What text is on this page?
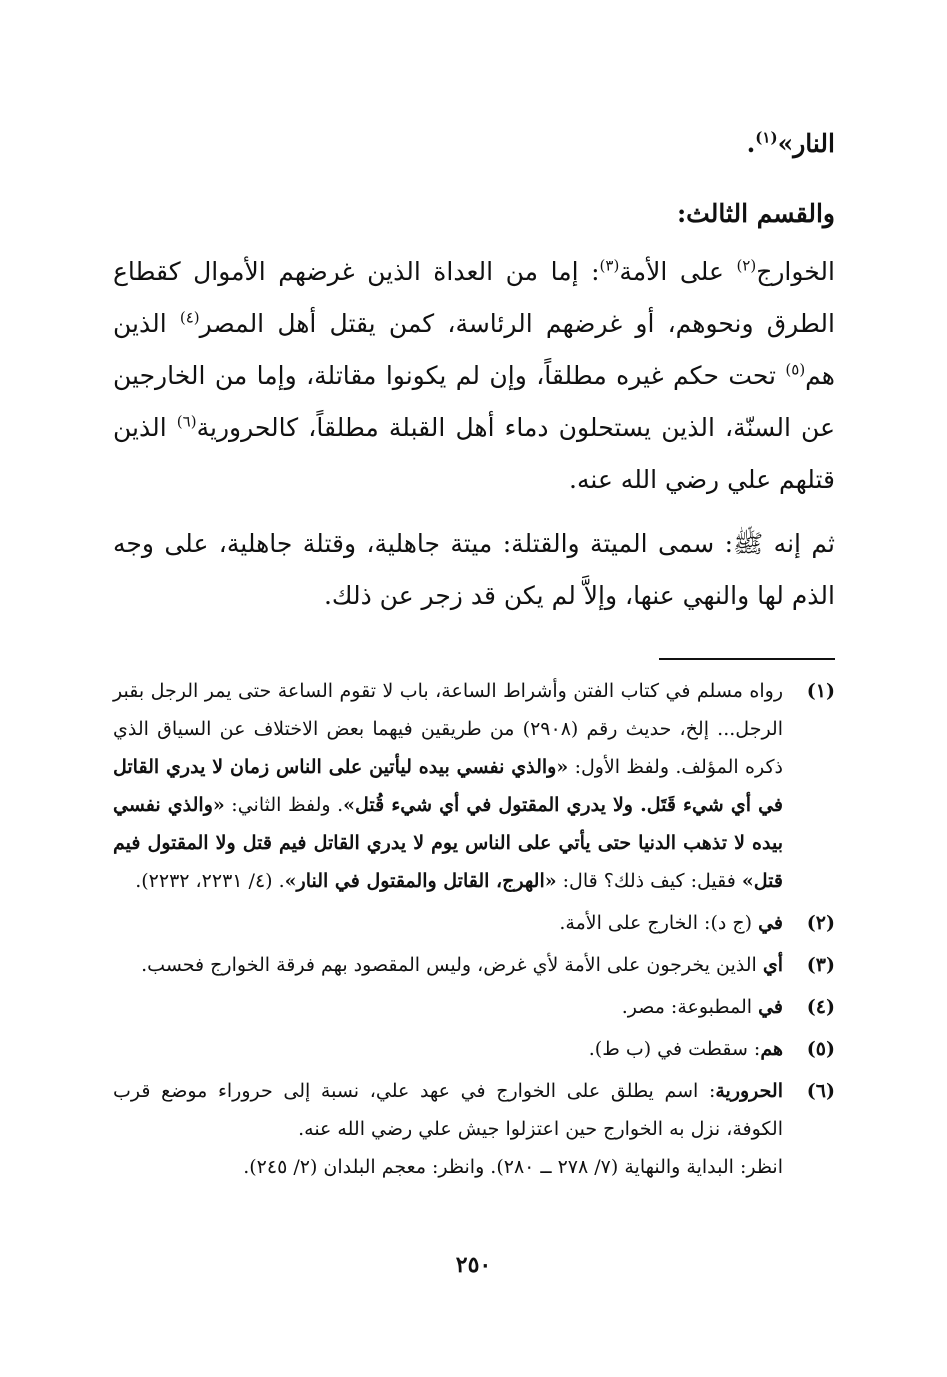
النار»$^{(١)}$.

والقسم الثالث:

الخوارج$^{(٢)}$ على الأمة$^{(٣)}$: إما من العداة الذين غرضهم الأموال كقطاع الطرق ونحوهم، أو غرضهم الرئاسة، كمن يقتل أهل المصر$^{(٤)}$ الذين هم$^{(٥)}$ تحت حكم غيره مطلقاً، وإن لم يكونوا مقاتلة، وإما من الخارجين عن السنّة، الذين يستحلون دماء أهل القبلة مطلقاً، كالحرورية$^{(٦)}$ الذين قتلهم علي رضي الله عنه.

ثم إنه ﷺ: سمى الميتة والقتلة: ميتة جاهلية، وقتلة جاهلية، على وجه الذم لها والنهي عنها، وإلاَّ لم يكن قد زجر عن ذلك.

(١)
رواه مسلم في كتاب الفتن وأشراط الساعة، باب لا تقوم الساعة حتى يمر الرجل بقبر الرجل... إلخ، حديث رقم (٢٩٠٨) من طريقين فيهما بعض الاختلاف عن السياق الذي ذكره المؤلف. ولفظ الأول: «والذي نفسي بيده ليأتين على الناس زمان لا يدري القاتل في أي شيء قَتَل. ولا يدري المقتول في أي شيء قُتل». ولفظ الثاني: «والذي نفسي بيده لا تذهب الدنيا حتى يأتي على الناس يوم لا يدري القاتل فيم قتل ولا المقتول فيم قتل» فقيل: كيف ذلك؟ قال: «الهرج، القاتل والمقتول في النار». (٤/ ٢٢٣١، ٢٢٣٢).
(٢)
في (ج د): الخارج على الأمة.
(٣)
أي الذين يخرجون على الأمة لأي غرض، وليس المقصود بهم فرقة الخوارج فحسب.
(٤)
في المطبوعة: مصر.
(٥)
هم: سقطت في (ب ط).
(٦)
الحرورية: اسم يطلق على الخوارج في عهد علي، نسبة إلى حروراء موضع قرب الكوفة، نزل به الخوارج حين اعتزلوا جيش علي رضي الله عنه.
انظر: البداية والنهاية (٧/ ٢٧٨ ــ ٢٨٠). وانظر: معجم البلدان (٢/ ٢٤٥).
٢٥٠
